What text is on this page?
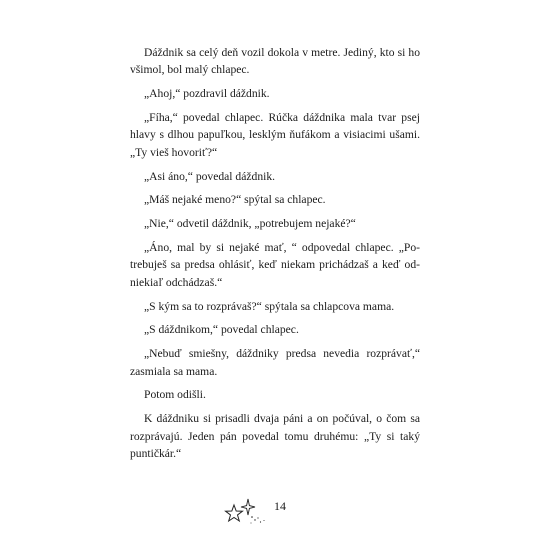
Dáždnik sa celý deň vozil dokola v metre. Jediný, kto si ho všimol, bol malý chlapec.

„Ahoj,“ pozdravil dáždnik.

„Fíha,“ povedal chlapec. Rúčka dáždnika mala tvar psej hlavy s dlhou papuľkou, lesklým ňufákom a visiacimi ušami. „Ty vieš hovoriť?“

„Asi áno,“ povedal dáždnik.

„Máš nejaké meno?“ spýtal sa chlapec.

„Nie,“ odvetil dáždnik, „potrebujem nejaké?“

„Áno, mal by si nejaké mať, “ odpovedal chlapec. „Potrebuješ sa predsa ohlásiť, keď niekam prichádzaš a keď odniekiaľ odchádzaš.“

„S kým sa to rozprávaš?“ spýtala sa chlapcova mama.

„S dáždnikom,“ povedal chlapec.

„Nebuď smiešny, dáždniky predsa nevedia rozprávať,“ zasmiala sa mama.

Potom odišli.

K dáždniku si prisadli dvaja páni a on počúval, o čom sa rozprávajú. Jeden pán povedal tomu druhému: „Ty si taký puntičkár.“

14
